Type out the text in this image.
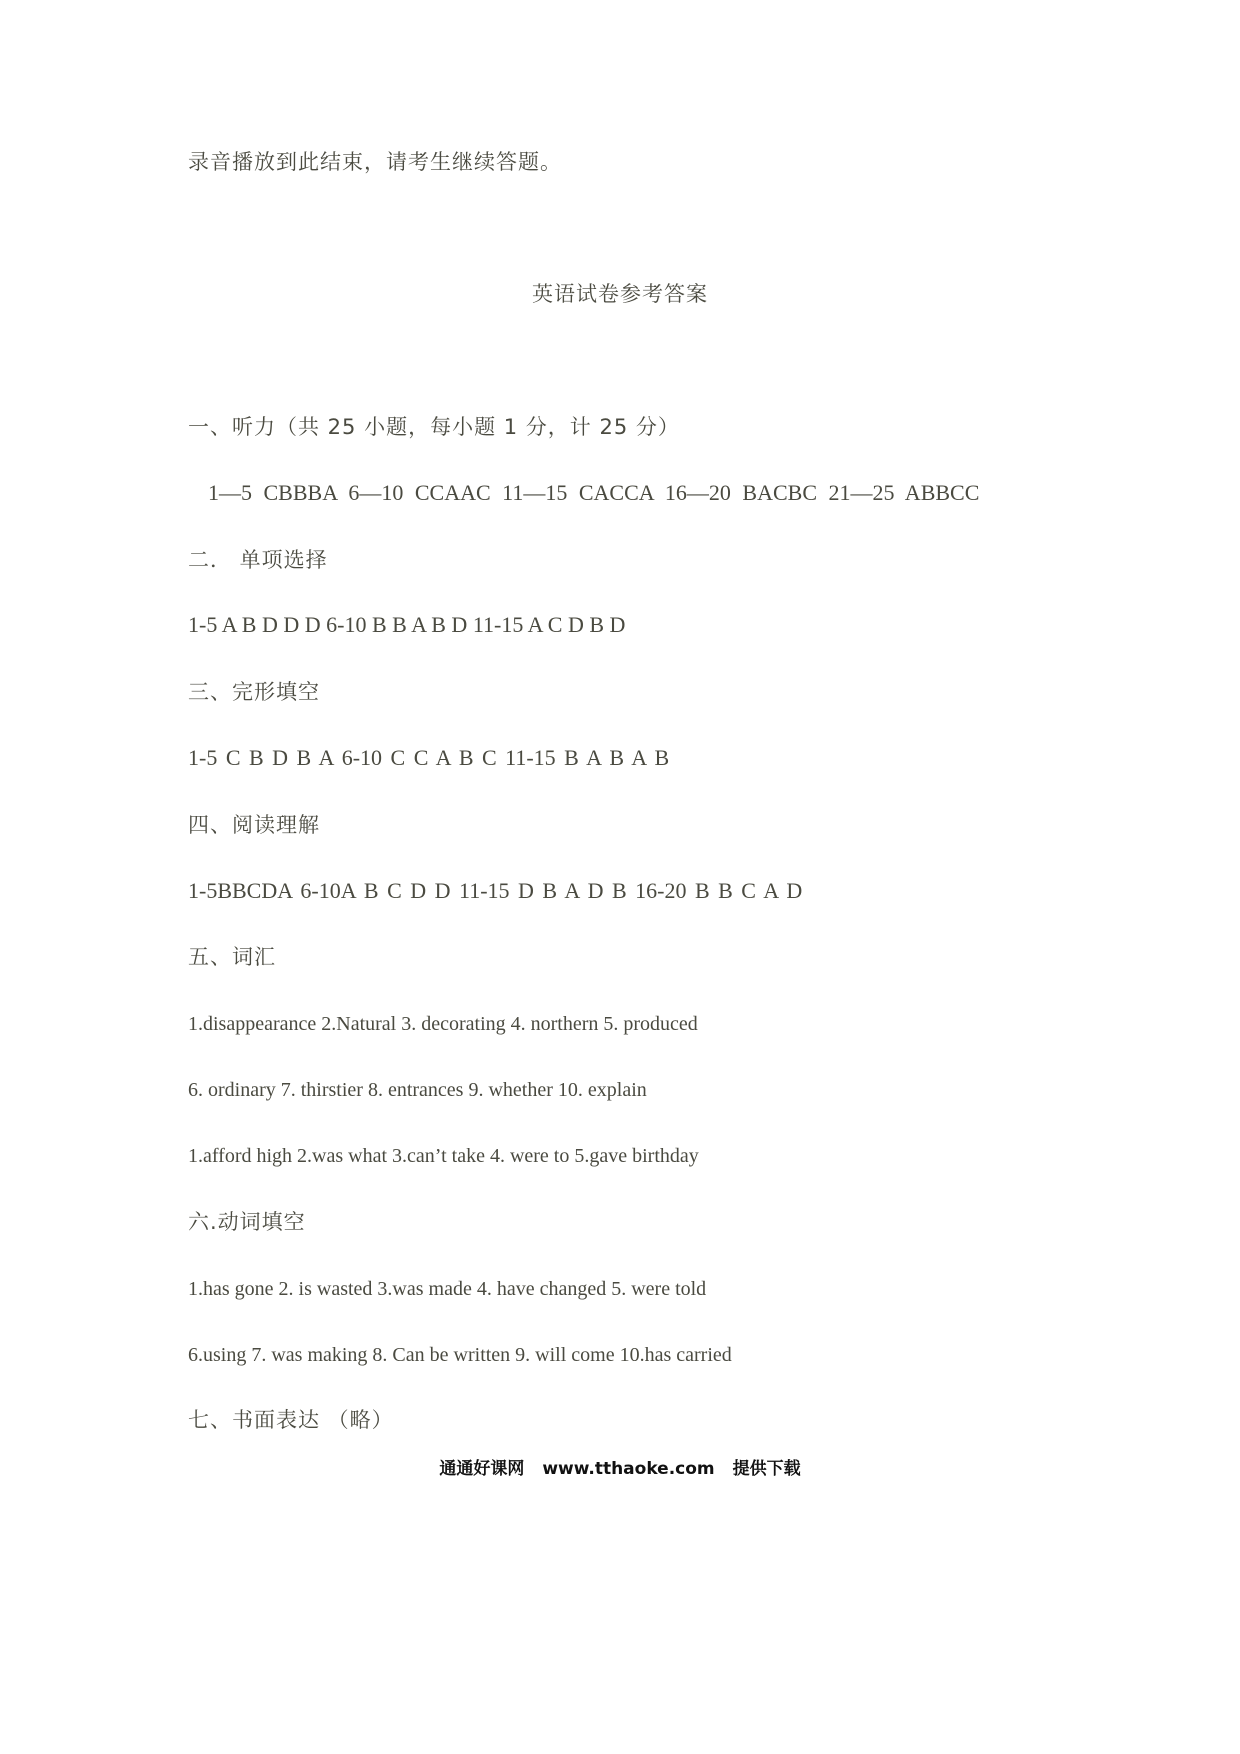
录音播放到此结束，请考生继续答题。
英语试卷参考答案
一、听力（共 25 小题，每小题 1 分，计 25 分）
1—5 CBBBA 6—10 CCAAC 11—15 CACCA 16—20 BACBC 21—25 ABBCC
二． 单项选择
1-5 A B D D D 6-10 B B A B D 11-15 A C D B D
三、完形填空
1-5 C B D B A 6-10 C C A B C 11-15 B A B A B
四、阅读理解
1-5BBCDA 6-10A B C D D 11-15 D B A D B 16-20 B B C A D
五、词汇
1.disappearance 2.Natural 3. decorating 4. northern 5. produced
6. ordinary 7. thirstier 8. entrances 9. whether 10. explain
1.afford high 2.was what 3.can’t take 4. were to 5.gave birthday
六.动词填空
1.has gone 2. is wasted 3.was made 4. have changed 5. were told
6.using 7. was making 8. Can be written 9. will come 10.has carried
七、书面表达 （略）
通通好课网 www.tthaoke.com 提供下载
